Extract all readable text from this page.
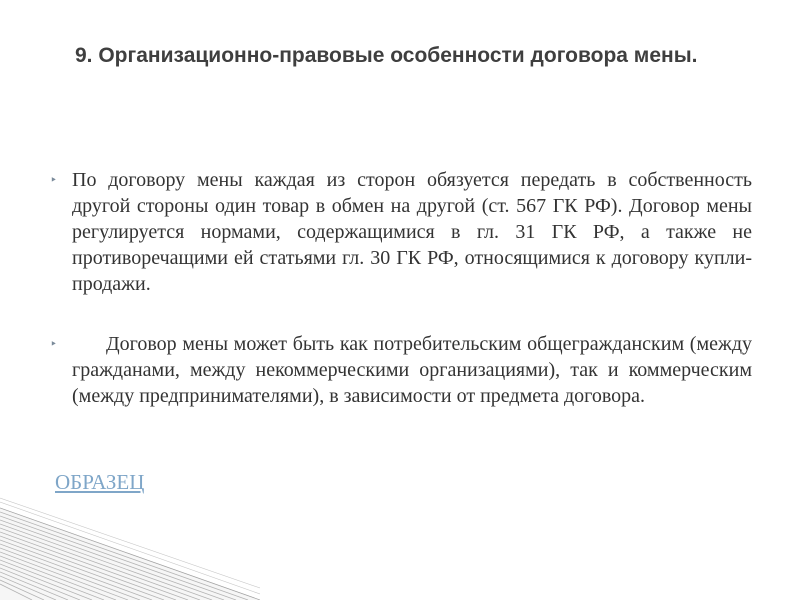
9. Организационно-правовые особенности договора мены.
‣ По договору мены каждая из сторон обязуется передать в собственность другой стороны один товар в обмен на другой (ст. 567 ГК РФ). Договор мены регулируется нормами, содержащимися в гл. 31 ГК РФ, а также не противоречащими ей статьями гл. 30 ГК РФ, относящимися к договору купли-продажи.

‣	Договор мены может быть как потребительским общегражданским (между гражданами, между некоммерческими организациями), так и коммерческим (между предпринимателями), в зависимости от предмета договора.

ОБРАЗЕЦ
